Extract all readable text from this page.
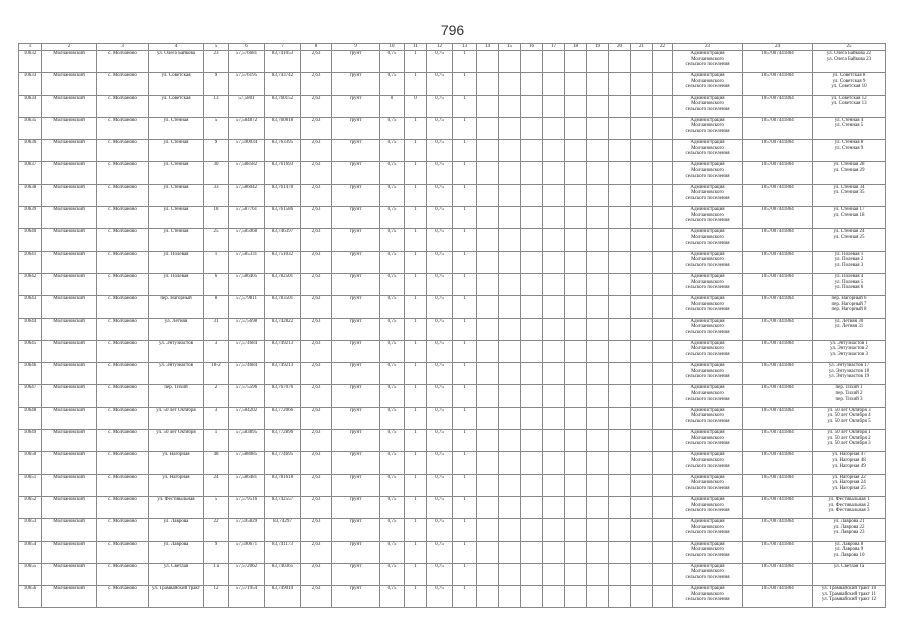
796
1	2	3	4	5	6	7	8	9	10	11	12	13	14	15	16	17	18	19	20	21	22	23	24	25
10632	Молчановский	с. Молчаново	ул. Олега Байкова	23	57,576681	83,741053	2,63	грунт	0,75	1	0,75	1										Администрация
Молчановского
сельского поселения	1057007441864	ул. Олега Байкова 22
ул. Олега Байкова 23

10633	Молчановский	с. Молчаново	ул. Советская	9	57,576195	83,743742	2,63	грунт	0,75	1	0,75	1										Администрация
Молчановского
сельского поселения	1057007441864	ул. Советская 8
ул. Советская 9
ул. Советская 10

10634	Молчановский	с. Молчаново	ул. Советская	13	57,5801	83,760152	2,63	грунт	0	0	0,75	1										Администрация
Молчановского
сельского поселения	1057007441864	ул. Советская 12
ул. Советская 13

10635	Молчановский	с. Молчаново	ул. Стенная	5	57,584872	83,760818	2,63	грунт	0,75	1	0,75	1										Администрация
Молчановского
сельского поселения	1057007441864	ул. Стенная 4
ул. Стенная 5

10636	Молчановский	с. Молчаново	ул. Стенная	9	57,590034	83,763395	2,63	грунт	0,75	1	0,75	1										Администрация
Молчановского
сельского поселения	1057007441864	ул. Стенная 8
ул. Стенная 9

10637	Молчановский	с. Молчаново	ул. Стенная	30	57,588582	83,761693	2,63	грунт	0,75	1	0,75	1										Администрация
Молчановского
сельского поселения	1057007441864	ул. Стенная 28
ул. Стенная 29

10638	Молчановский	с. Молчаново	ул. Стенная	33	57,586042	83,761478	2,63	грунт	0,75	1	0,75	1										Администрация
Молчановского
сельского поселения	1057007441864	ул. Стенная 34
ул. Стенная 35

10639	Молчановский	с. Молчаново	ул. Стенная	18	57,587761	83,761586	2,63	грунт	0,75	1	0,75	1										Администрация
Молчановского
сельского поселения	1057007441864	ул. Стенная 17
ул. Стенная 18

10640	Молчановский	с. Молчаново	ул. Стенная	25	57,585068	83,746397	2,63	грунт	0,75	1	0,75	1										Администрация
Молчановского
сельского поселения	1057007441864	ул. Стенная 24
ул. Стенная 25

10641	Молчановский	с. Молчаново	ул. Полевая	1	57,585331	83,751032	2,63	грунт	0,75	1	0,75	1										Администрация
Молчановского
сельского поселения	1057007441864	ул. Полевая 1
ул. Полевая 2
ул. Полевая 3

10642	Молчановский	с. Молчаново	ул. Полевая	6	57,586405	83,782501	2,63	грунт	0,75	1	0,75	1										Администрация
Молчановского
сельского поселения	1057007441864	ул. Полевая 4
ул. Полевая 5
ул. Полевая 6

10643	Молчановский	с. Молчаново	пер. Нагорный	8	57,579811	83,783501	2,63	грунт	0,75	1	0,75	1										Администрация
Молчановского
сельского поселения	1057007441864	пер. Нагорный 6
пер. Нагорный 7
пер. Нагорный 8

10644	Молчановский	с. Молчаново	ул. Летняя	31	57,575698	83,742822	2,63	грунт	0,75	1	0,75	1										Администрация
Молчановского
сельского поселения	1057007441864	ул. Летняя 30
ул. Летняя 31

10645	Молчановский	с. Молчаново	ул. Энтузиастов	3	57,574684	83,749213	2,63	грунт	0,75	1	0,75	1										Администрация
Молчановского
сельского поселения	1057007441864	ул. Энтузиастов 1
ул. Энтузиастов 2
ул. Энтузиастов 3

10646	Молчановский	с. Молчаново	ул. Энтузиастов	18-2	57,574684	83,749213	2,63	грунт	0,75	1	0,75	1										Администрация
Молчановского
сельского поселения	1057007441864	ул. Энтузиастов 17
ул. Энтузиастов 18
ул. Энтузиастов 19

10647	Молчановский	с. Молчаново	пер. Тихий	2	57,575596	83,767076	2,63	грунт	0,75	1	0,75	1										Администрация
Молчановского
сельского поселения	1057007441864	пер. Тихий 1
пер. Тихий 2
пер. Тихий 3

10648	Молчановский	с. Молчаново	ул. 50 лет Октября	3	57,584202	83,772066	2,63	грунт	0,75	1	0,75	1										Администрация
Молчановского
сельского поселения	1057007441864	ул. 50 лет Октября 3
ул. 50 лет Октября 4
ул. 50 лет Октября 5

10649	Молчановский	с. Молчаново	ул. 50 лет Октября	1	57,583895	83,772896	2,63	грунт	0,75	1	0,75	1										Администрация
Молчановского
сельского поселения	1057007441864	ул. 50 лет Октября 1
ул. 50 лет Октября 2
ул. 50 лет Октября 3

10650	Молчановский	с. Молчаново	ул. Нагорная	48	57,588085	83,774695	2,63	грунт	0,75	1	0,75	1										Администрация
Молчановского
сельского поселения	1057007441864	ул. Нагорная 47
ул. Нагорная 48
ул. Нагорная 49

10651	Молчановский	с. Молчаново	ул. Нагорная	24	57,586481	83,781618	2,63	грунт	0,75	1	0,75	1										Администрация
Молчановского
сельского поселения	1057007441864	ул. Нагорная 22
ул. Нагорная 24
ул. Нагорная 25

10652	Молчановский	с. Молчаново	ул. Фестивальная	5	57,579516	83,742557	2,63	грунт	0,75	1	0,75	1										Администрация
Молчановского
сельского поселения	1057007441864	ул. Фестивальная 1
ул. Фестивальная 2
ул. Фестивальная 3

10653	Молчановский	с. Молчаново	ул. Лаврова	22	57,595829	83,74297	2,63	грунт	0,75	1	0,75	1										Администрация
Молчановского
сельского поселения	1057007441864	ул. Лаврова 21
ул. Лаврова 22
ул. Лаврова 23

10654	Молчановский	с. Молчаново	ул. Лаврова	9	57,590671	83,741173	2,63	грунт	0,75	1	0,75	1										Администрация
Молчановского
сельского поселения	1057007441864	ул. Лаврова 8
ул. Лаврова 9
ул. Лаврова 10

10655	Молчановский	с. Молчаново	ул. Светлая	1 а	57,572062	83,740365	2,63	грунт	0,75	1	0,75	1										Администрация
Молчановского
сельского поселения	1057007441864	ул. Светлая 1а

10656	Молчановский	с. Молчаново	ул. Трамвайский тракт	12	57,571954	83,749010	2,63	грунт	0,75	1	0,75	1										Администрация
Молчановского
сельского поселения	1057007441864	ул. Трамвайский тракт 10
ул. Трамвайский тракт 11
ул. Трамвайский тракт 12
